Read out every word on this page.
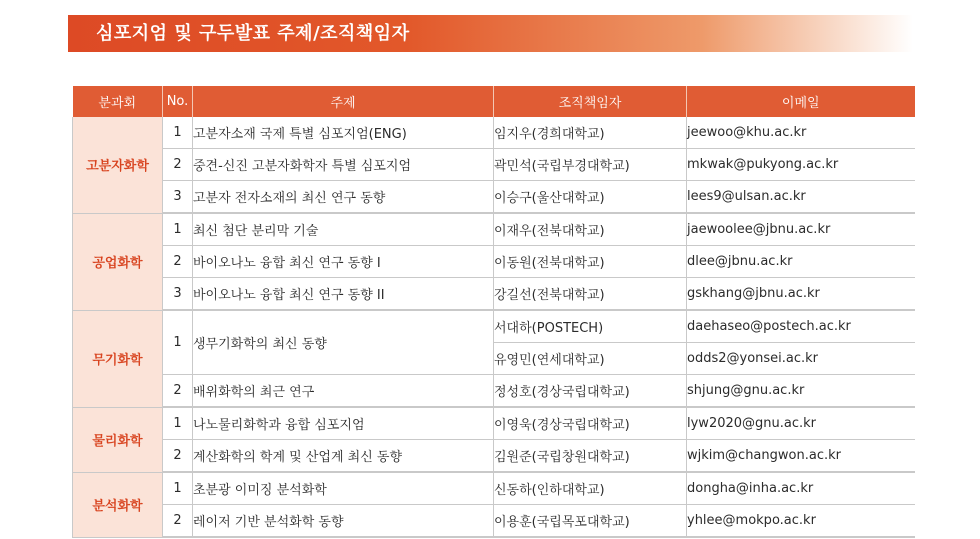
심포지엄 및 구두발표 주제/조직책임자
분과회	No.	주제	조직책임자	이메일
고분자화학	1	고분자소재 국제 특별 심포지엄(ENG)	임지우(경희대학교)	jeewoo@khu.ac.kr
	2	중견-신진 고분자화학자 특별 심포지엄	곽민석(국립부경대학교)	mkwak@pukyong.ac.kr
	3	고분자 전자소재의 최신 연구 동향	이승구(울산대학교)	lees9@ulsan.ac.kr
공업화학	1	최신 첨단 분리막 기술	이재우(전북대학교)	jaewoolee@jbnu.ac.kr
	2	바이오나노 융합 최신 연구 동향 I	이동원(전북대학교)	dlee@jbnu.ac.kr
	3	바이오나노 융합 최신 연구 동향 II	강길선(전북대학교)	gskhang@jbnu.ac.kr
무기화학	1	생무기화학의 최신 동향	서대하(POSTECH)	daehaseo@postech.ac.kr
			유영민(연세대학교)	odds2@yonsei.ac.kr
	2	배위화학의 최근 연구	정성호(경상국립대학교)	shjung@gnu.ac.kr
물리화학	1	나노물리화학과 융합 심포지엄	이영욱(경상국립대학교)	lyw2020@gnu.ac.kr
	2	계산화학의 학계 및 산업계 최신 동향	김원준(국립창원대학교)	wjkim@changwon.ac.kr
분석화학	1	초분광 이미징 분석화학	신동하(인하대학교)	dongha@inha.ac.kr
	2	레이저 기반 분석화학 동향	이용훈(국립목포대학교)	yhlee@mokpo.ac.kr
